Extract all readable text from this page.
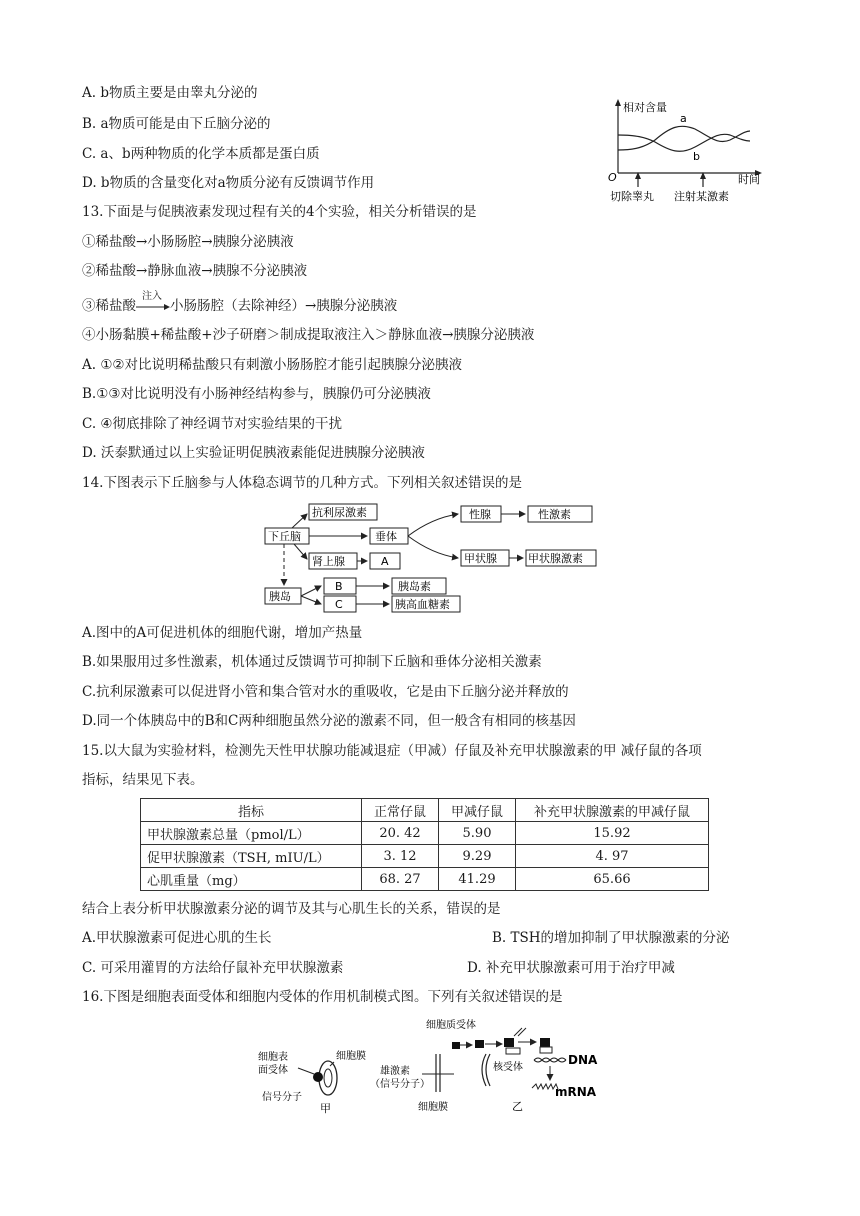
A. b物质主要是由睾丸分泌的
B. a物质可能是由下丘脑分泌的
C. a、b两种物质的化学本质都是蛋白质
D. b物质的含量变化对a物质分泌有反馈调节作用
相对含量
时间
O
a
b
切除睾丸 注射某激素
13.下面是与促胰液素发现过程有关的4个实验，相关分析错误的是
①稀盐酸→小肠肠腔→胰腺分泌胰液
②稀盐酸→静脉血液→胰腺不分泌胰液
③稀盐酸
注入
小肠肠腔（去除神经）→胰腺分泌胰液
④小肠黏膜+稀盐酸+沙子研磨＞制成提取液注入＞静脉血液→胰腺分泌胰液
A. ①②对比说明稀盐酸只有刺激小肠肠腔才能引起胰腺分泌胰液
B.①③对比说明没有小肠神经结构参与，胰腺仍可分泌胰液
C. ④彻底排除了神经调节对实验结果的干扰
D. 沃泰默通过以上实验证明促胰液素能促进胰腺分泌胰液
14.下图表示下丘脑参与人体稳态调节的几种方式。下列相关叙述错误的是
抗利尿激素
下丘脑	垂体
性腺	性激素
肾上腺	A	甲状腺	甲状腺激素
胰岛
B
C
胰岛素
胰高血糖素
A.图中的A可促进机体的细胞代谢，增加产热量
B.如果服用过多性激素，机体通过反馈调节可抑制下丘脑和垂体分泌相关激素
C.抗利尿激素可以促进肾小管和集合管对水的重吸收，它是由下丘脑分泌并释放的
D.同一个体胰岛中的B和C两种细胞虽然分泌的激素不同，但一般含有相同的核基因
15.以大鼠为实验材料，检测先天性甲状腺功能减退症（甲减）仔鼠及补充甲状腺激素的甲 减仔鼠的各项
指标，结果见下表。
指标	正常仔鼠	甲减仔鼠	补充甲状腺激素的甲减仔鼠
甲状腺激素总量（pmol/L）	20. 42	5.90	15.92
促甲状腺激素（TSH, mIU/L）	3. 12	9.29	4. 97
心肌重量（mg）	68. 27	41.29	65.66
结合上表分析甲状腺激素分泌的调节及其与心肌生长的关系，错误的是
A.甲状腺激素可促进心肌的生长	B. TSH的增加抑制了甲状腺激素的分泌
C. 可采用灌胃的方法给仔鼠补充甲状腺激素	D. 补充甲状腺激素可用于治疗甲减
16.下图是细胞表面受体和细胞内受体的作用机制模式图。下列有关叙述错误的是
细胞表
面受体
细胞膜
信号分子
甲
细胞质受体
雄激素
（信号分子）
细胞膜
核受体
DNA
mRNA
乙
